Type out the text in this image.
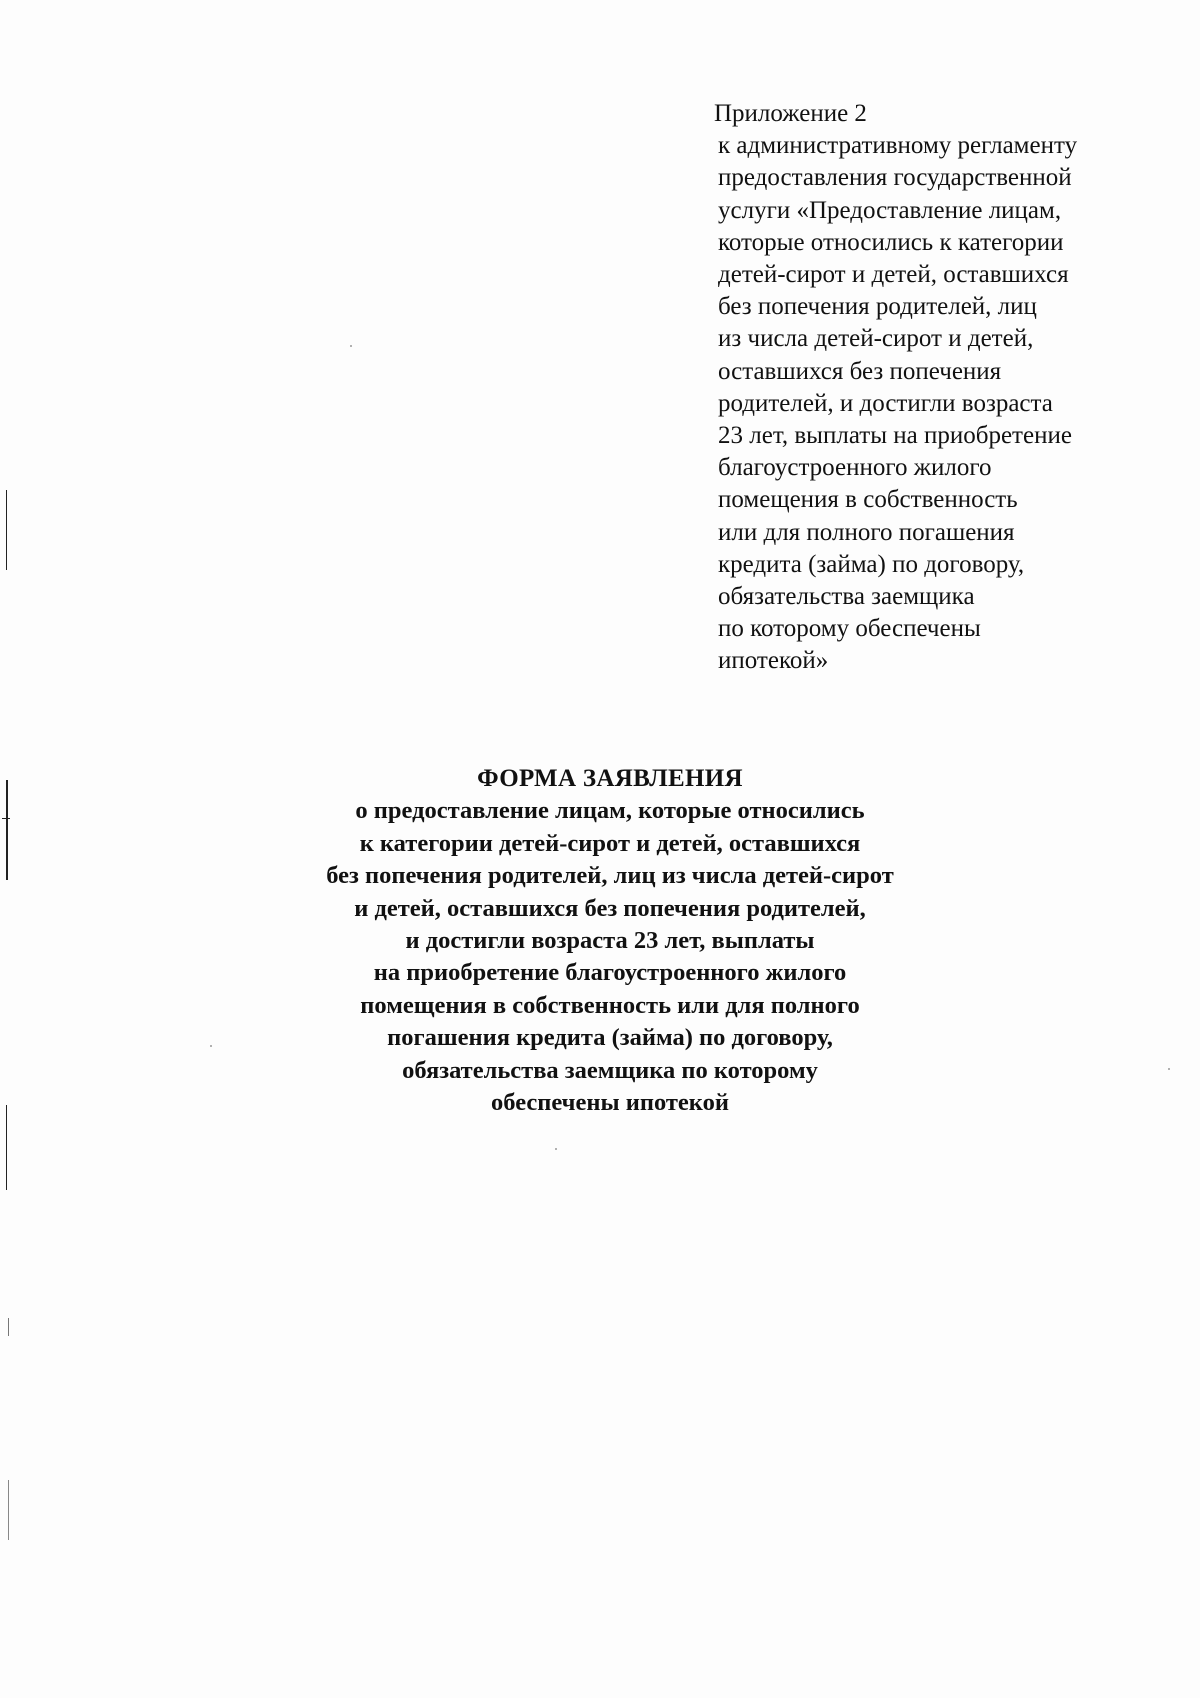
Приложение 2
к административному регламенту
предоставления государственной
услуги «Предоставление лицам,
которые относились к категории
детей-сирот и детей, оставшихся
без попечения родителей, лиц
из числа детей-сирот и детей,
оставшихся без попечения
родителей, и достигли возраста
23 лет, выплаты на приобретение
благоустроенного жилого
помещения в собственность
или для полного погашения
кредита (займа) по договору,
обязательства заемщика
по которому обеспечены
ипотекой»
ФОРМА ЗАЯВЛЕНИЯ
о предоставление лицам, которые относились
к категории детей-сирот и детей, оставшихся
без попечения родителей, лиц из числа детей-сирот
и детей, оставшихся без попечения родителей,
и достигли возраста 23 лет, выплаты
на приобретение благоустроенного жилого
помещения в собственность или для полного
погашения кредита (займа) по договору,
обязательства заемщика по которому
обеспечены ипотекой
